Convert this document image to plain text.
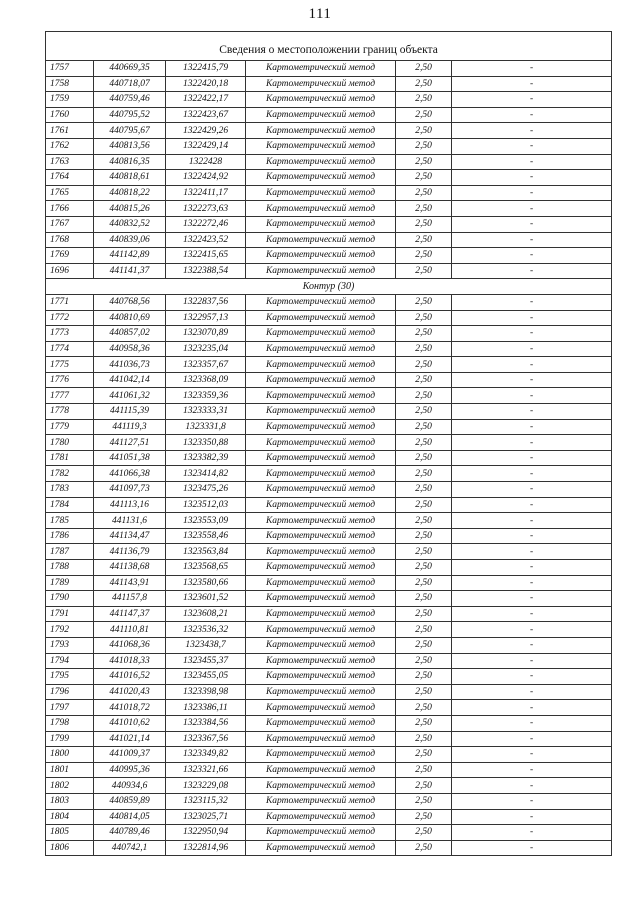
111

Сведения о местоположении границ объекта					
1757	440669,35	1322415,79	Картометрический метод	2,50	-
1758	440718,07	1322420,18	Картометрический метод	2,50	-
1759	440759,46	1322422,17	Картометрический метод	2,50	-
1760	440795,52	1322423,67	Картометрический метод	2,50	-
1761	440795,67	1322429,26	Картометрический метод	2,50	-
1762	440813,56	1322429,14	Картометрический метод	2,50	-
1763	440816,35	1322428	Картометрический метод	2,50	-
1764	440818,61	1322424,92	Картометрический метод	2,50	-
1765	440818,22	1322411,17	Картометрический метод	2,50	-
1766	440815,26	1322273,63	Картометрический метод	2,50	-
1767	440832,52	1322272,46	Картометрический метод	2,50	-
1768	440839,06	1322423,52	Картометрический метод	2,50	-
1769	441142,89	1322415,65	Картометрический метод	2,50	-
1696	441141,37	1322388,54	Картометрический метод	2,50	-
Контур (30)					
1771	440768,56	1322837,56	Картометрический метод	2,50	-
1772	440810,69	1322957,13	Картометрический метод	2,50	-
1773	440857,02	1323070,89	Картометрический метод	2,50	-
1774	440958,36	1323235,04	Картометрический метод	2,50	-
1775	441036,73	1323357,67	Картометрический метод	2,50	-
1776	441042,14	1323368,09	Картометрический метод	2,50	-
1777	441061,32	1323359,36	Картометрический метод	2,50	-
1778	441115,39	1323333,31	Картометрический метод	2,50	-
1779	441119,3	1323331,8	Картометрический метод	2,50	-
1780	441127,51	1323350,88	Картометрический метод	2,50	-
1781	441051,38	1323382,39	Картометрический метод	2,50	-
1782	441066,38	1323414,82	Картометрический метод	2,50	-
1783	441097,73	1323475,26	Картометрический метод	2,50	-
1784	441113,16	1323512,03	Картометрический метод	2,50	-
1785	441131,6	1323553,09	Картометрический метод	2,50	-
1786	441134,47	1323558,46	Картометрический метод	2,50	-
1787	441136,79	1323563,84	Картометрический метод	2,50	-
1788	441138,68	1323568,65	Картометрический метод	2,50	-
1789	441143,91	1323580,66	Картометрический метод	2,50	-
1790	441157,8	1323601,52	Картометрический метод	2,50	-
1791	441147,37	1323608,21	Картометрический метод	2,50	-
1792	441110,81	1323536,32	Картометрический метод	2,50	-
1793	441068,36	1323438,7	Картометрический метод	2,50	-
1794	441018,33	1323455,37	Картометрический метод	2,50	-
1795	441016,52	1323455,05	Картометрический метод	2,50	-
1796	441020,43	1323398,98	Картометрический метод	2,50	-
1797	441018,72	1323386,11	Картометрический метод	2,50	-
1798	441010,62	1323384,56	Картометрический метод	2,50	-
1799	441021,14	1323367,56	Картометрический метод	2,50	-
1800	441009,37	1323349,82	Картометрический метод	2,50	-
1801	440995,36	1323321,66	Картометрический метод	2,50	-
1802	440934,6	1323229,08	Картометрический метод	2,50	-
1803	440859,89	1323115,32	Картометрический метод	2,50	-
1804	440814,05	1323025,71	Картометрический метод	2,50	-
1805	440789,46	1322950,94	Картометрический метод	2,50	-
1806	440742,1	1322814,96	Картометрический метод	2,50	-
